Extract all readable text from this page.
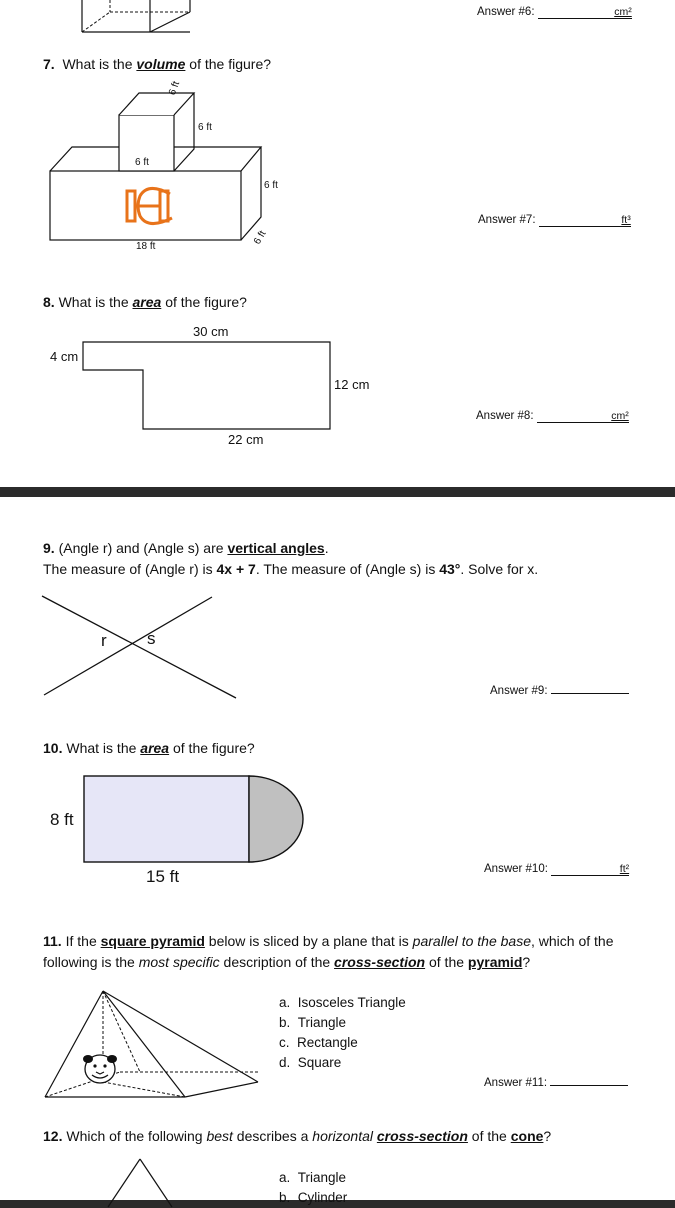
Answer #6:	cm²
7. What is the volume of the figure?
6 ft
6 ft
6 ft
6 ft
18 ft	6 ft
Answer #7:	ft³
8. What is the area of the figure?
30 cm
4 cm
12 cm
22 cm
Answer #8:	cm²
9. (Angle r) and (Angle s) are vertical angles.
The measure of (Angle r) is 4x + 7. The measure of (Angle s) is 43°. Solve for x.
r s
Answer #9:
10. What is the area of the figure?
8 ft
15 ft	Answer #10:	ft²
11. If the square pyramid below is sliced by a plane that is parallel to the base, which of the
following is the most specific description of the cross-section of the pyramid?
a.  Isosceles Triangle
b.  Triangle
c.  Rectangle
d.  Square
Answer #11:
12. Which of the following best describes a horizontal cross-section of the cone?
a.  Triangle
b.  Cylinder
